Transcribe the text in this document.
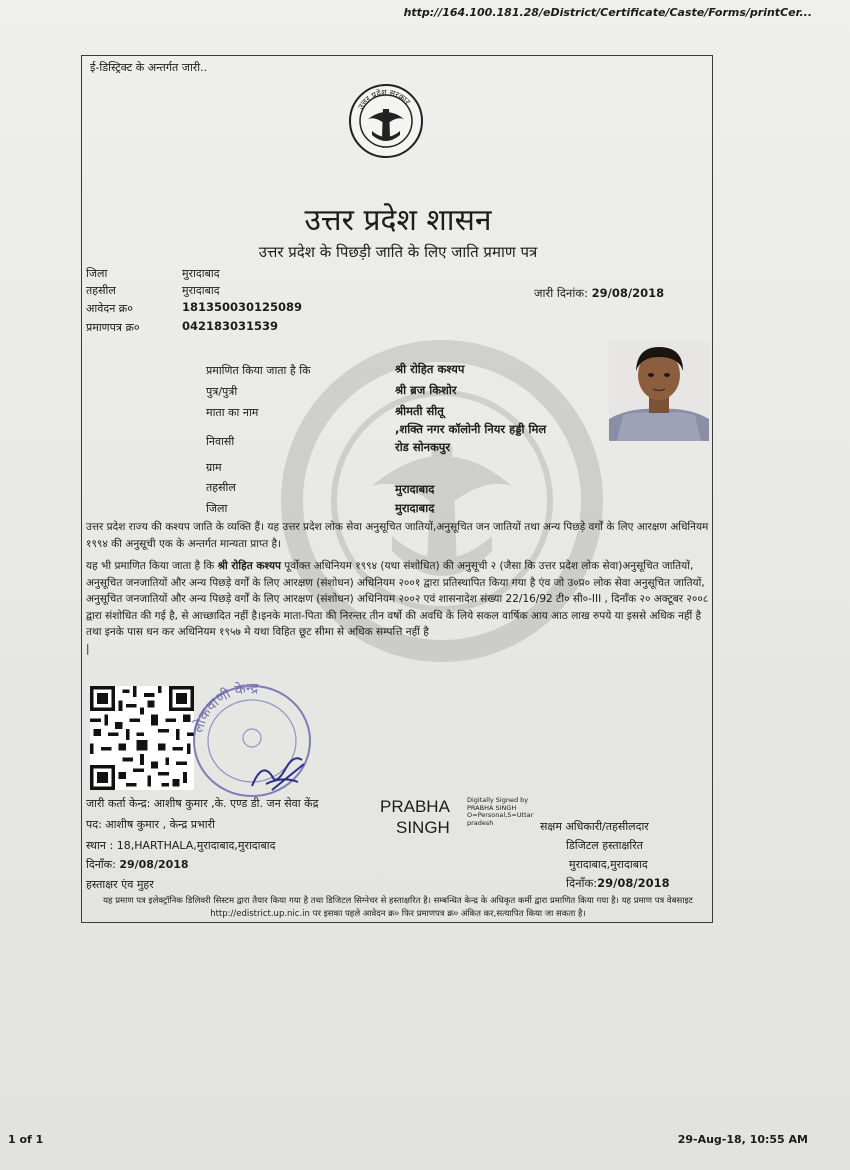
http://164.100.181.28/eDistrict/Certificate/Caste/Forms/printCer...
ई-डिस्ट्रिक्ट के अन्तर्गत जारी..
उत्तर प्रदेश सरकार
उत्तर प्रदेश शासन
उत्तर प्रदेश के पिछड़ी जाति के लिए जाति प्रमाण पत्र
जिला	मुरादाबाद
तहसील	मुरादाबाद
आवेदन क्र०	181350030125089
प्रमाणपत्र क्र०	042183031539
जारी दिनांक: 29/08/2018
प्रमाणित किया जाता है कि	श्री रोहित कश्यप
पुत्र/पुत्री	श्री ब्रज किशोर
माता का नाम	श्रीमती सीतू
निवासी
,शक्ति नगर कॉलोनी नियर हड्डी मिल
रोड सोनकपुर
ग्राम
तहसील	मुरादाबाद
जिला	मुरादाबाद
उत्तर प्रदेश राज्य की कश्यप जाति के व्यक्ति हैं। यह उत्तर प्रदेश लोक सेवा अनुसूचित जातियों,अनुसूचित जन जातियों तथा अन्य पिछड़े वर्गों के लिए आरक्षण अधिनियम १९९४ की अनुसूची एक के अन्तर्गत मान्यता प्राप्त है।
यह भी प्रमाणित किया जाता है कि श्री रोहित कश्यप पूर्वोक्त अधिनियम १९९४ (यथा संशोधित) की अनुसूची २ (जैसा कि उत्तर प्रदेश लोक सेवा)अनुसूचित जातियों, अनुसूचित जनजातियों और अन्य पिछड़े वर्गों के लिए आरक्षण (संशोधन) अधिनियम २००१ द्वारा प्रतिस्थापित किया गया है एंव जो उ०प्र० लोक सेवा अनुसूचित जातियों, अनुसूचित जनजातियों और अन्य पिछड़े वर्गों के लिए आरक्षण (संशोधन) अधिनियम २००२ एवं शासनादेश संख्या 22/16/92 टी० सी०-III , दिनाँक २० अक्टूबर २००८ द्वारा संशोधित की गई है, से आच्छादित नहीं है।इनके माता-पिता की निरन्तर तीन वर्षो की अवधि के लिये सकल वार्षिक आय आठ लाख रुपये या इससे अधिक नहीं है तथा इनके पास धन कर अधिनियम १९५७ मे यथा विहित छूट सीमा से अधिक सम्पत्ति नहीं है
|
लोकवाणी केन्द्र
जारी कर्ता केन्द्र: आशीष कुमार ,के. एण्ड डी. जन सेवा केंद्र
पद: आशीष कुमार , केन्द्र प्रभारी
स्थान : 18,HARTHALA,मुरादाबाद,मुरादाबाद
दिनाँक: 29/08/2018
हस्ताक्षर एंव मुहर
PRABHA
SINGH
Digitally Signed by
PRABHA SINGH
O=Personal,S=Uttar
pradesh	सक्षम अधिकारी/तहसीलदार
डिजिटल हस्ताक्षरित
मुरादाबाद,मुरादाबाद
दिनाँक:29/08/2018
यह प्रमाण पत्र इलेक्ट्रॉनिक डिलिवरी सिस्टम द्वारा तैयार किया गया है तथा डिजिटल सिग्नेचर से हस्ताक्षरित है। सम्बन्धित केन्द्र के अधिकृत कर्मी द्वारा प्रमाणित किया गया है। यह प्रमाण पत्र वेबसाइट http://edistrict.up.nic.in पर इसका पहले आवेदन क्र० फिर प्रमाणपत्र क्र० अंकित कर,सत्यापित किया जा सकता है।
1 of 1	29-Aug-18, 10:55 AM
